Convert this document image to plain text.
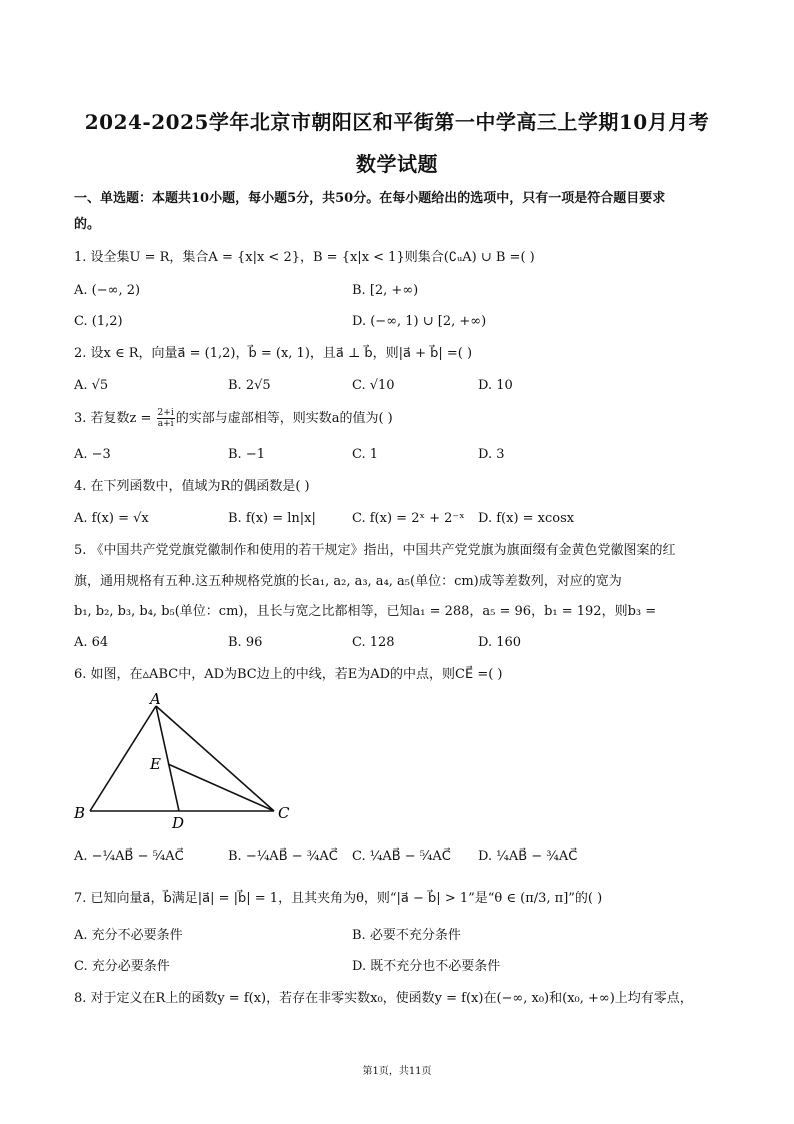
2024-2025学年北京市朝阳区和平街第一中学高三上学期10月月考
数学试题
一、单选题：本题共10小题，每小题5分，共50分。在每小题给出的选项中，只有一项是符合题目要求
的。
1. 设全集U = R，集合A = {x|x < 2}，B = {x|x < 1}则集合(∁ᵤA) ∪ B =( )
A. (−∞, 2)	B. [2, +∞)
C. (1,2)	D. (−∞, 1) ∪ [2, +∞)
2. 设x ∈ R，向量a⃗ = (1,2)，b⃗ = (x, 1)，且a⃗ ⊥ b⃗，则|a⃗ + b⃗| =( )
A. √5	B. 2√5	C. √10	D. 10
3. 若复数$z = \frac{2+i}{a+i}$ 的实部与虚部相等，则实数a的值为( )
A. −3	B. −1	C. 1	D. 3
4. 在下列函数中，值域为R的偶函数是( )
A. f(x) = √x	B. f(x) = ln|x|	C. f(x) = 2ˣ + 2⁻ˣ D. f(x) = xcosx
5. 《中国共产党党旗党徽制作和使用的若干规定》指出，中国共产党党旗为旗面缀有金黄色党徽图案的红
旗，通用规格有五种.这五种规格党旗的长a₁, a₂, a₃, a₄, a₅(单位：cm)成等差数列，对应的宽为
b₁, b₂, b₃, b₄, b₅(单位：cm)，且长与宽之比都相等，已知a₁ = 288，a₅ = 96，b₁ = 192，则b₃ =
A. 64	B. 96	C. 128	D. 160
6. 如图，在▵ABC中，AD为BC边上的中线，若E为AD的中点，则CE⃗ =( )
A
B	C
D
E
A. −¼AB⃗ − ⁵⁄₄AC⃗	B. −¼AB⃗ − ¾AC⃗ C. ¼AB⃗ − ⁵⁄₄AC⃗ D. ¼AB⃗ − ¾AC⃗
7. 已知向量a⃗，b⃗满足|a⃗| = |b⃗| = 1，且其夹角为θ，则“|a⃗ − b⃗| > 1”是“θ ∈ (π/3, π]”的( )
A. 充分不必要条件	B. 必要不充分条件
C. 充分必要条件	D. 既不充分也不必要条件
8. 对于定义在R上的函数y = f(x)，若存在非零实数x₀，使函数y = f(x)在(−∞, x₀)和(x₀, +∞)上均有零点，
第1页，共11页
